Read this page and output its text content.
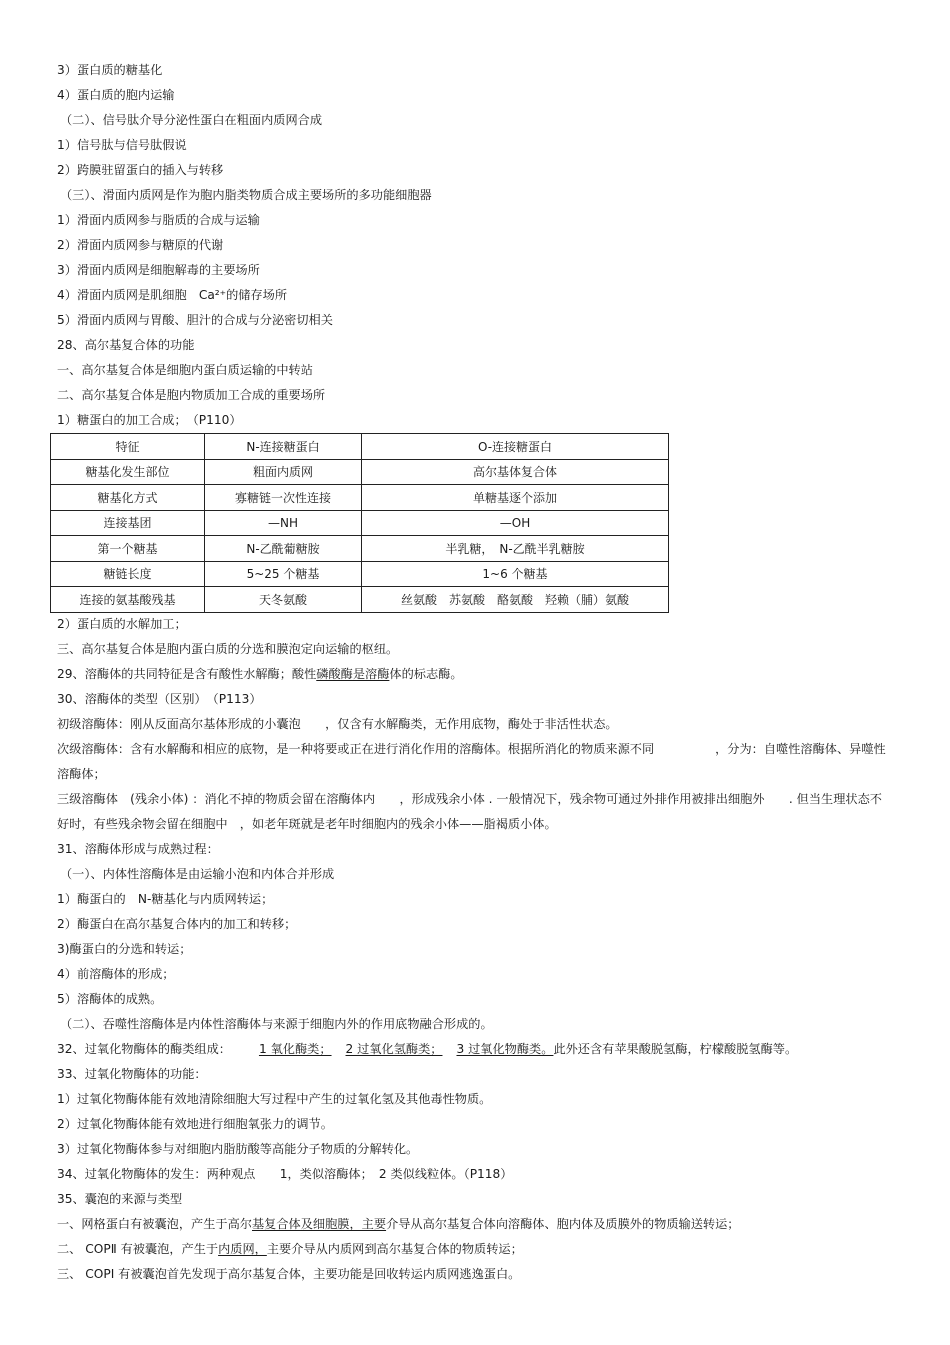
3）蛋白质的糖基化
4）蛋白质的胞内运输
（二）、信号肽介导分泌性蛋白在粗面内质网合成
1）信号肽与信号肽假说
2）跨膜驻留蛋白的插入与转移
（三）、滑面内质网是作为胞内脂类物质合成主要场所的多功能细胞器
1）滑面内质网参与脂质的合成与运输
2）滑面内质网参与糖原的代谢
3）滑面内质网是细胞解毒的主要场所
4）滑面内质网是肌细胞　Ca²⁺的储存场所
5）滑面内质网与胃酸、胆汁的合成与分泌密切相关
28、高尔基复合体的功能
一、高尔基复合体是细胞内蛋白质运输的中转站
二、高尔基复合体是胞内物质加工合成的重要场所
1）糖蛋白的加工合成；　（P110）
特征	N-连接糖蛋白	O-连接糖蛋白
糖基化发生部位	粗面内质网	高尔基体复合体
糖基化方式	寡糖链一次性连接	单糖基逐个添加
连接基团	—NH	—OH
第一个糖基	N-乙酰葡糖胺	半乳糖，　N-乙酰半乳糖胺
糖链长度	5~25 个糖基	1~6 个糖基
连接的氨基酸残基	天冬氨酸	丝氨酸　苏氨酸　酪氨酸　羟赖（脯）氨酸
2）蛋白质的水解加工；
三、高尔基复合体是胞内蛋白质的分选和膜泡定向运输的枢纽。
29、溶酶体的共同特征是含有酸性水解酶；酸性磷酸酶是溶酶体的标志酶。
30、溶酶体的类型（区别）　（P113）
初级溶酶体：刚从反面高尔基体形成的小囊泡　　，仅含有水解酶类，无作用底物，酶处于非活性状态。
次级溶酶体：含有水解酶和相应的底物，是一种将要或正在进行消化作用的溶酶体。根据所消化的物质来源不同　　　　　，分为：自噬性溶酶体、异噬性溶酶体；
三级溶酶体　(残余小体) ：消化不掉的物质会留在溶酶体内　　，形成残余小体 . 一般情况下，残余物可通过外排作用被排出细胞外　　. 但当生理状态不好时，有些残余物会留在细胞中　，如老年斑就是老年时细胞内的残余小体——脂褐质小体。
31、溶酶体形成与成熟过程：
（一）、内体性溶酶体是由运输小泡和内体合并形成
1）酶蛋白的　N-糖基化与内质网转运；
2）酶蛋白在高尔基复合体内的加工和转移；
3)酶蛋白的分选和转运；
4）前溶酶体的形成；
5）溶酶体的成熟。
（二）、吞噬性溶酶体是内体性溶酶体与来源于细胞内外的作用底物融合形成的。
32、过氧化物酶体的酶类组成： 1 氧化酶类； 2 过氧化氢酶类； 3 过氧化物酶类。此外还含有苹果酸脱氢酶，柠檬酸脱氢酶等。
33、过氧化物酶体的功能：
1）过氧化物酶体能有效地清除细胞大写过程中产生的过氧化氢及其他毒性物质。
2）过氧化物酶体能有效地进行细胞氧张力的调节。
3）过氧化物酶体参与对细胞内脂肪酸等高能分子物质的分解转化。
34、过氧化物酶体的发生：两种观点　　1，类似溶酶体；　2 类似线粒体。（P118）
35、囊泡的来源与类型
一、网格蛋白有被囊泡，产生于高尔基复合体及细胞膜，主要介导从高尔基复合体向溶酶体、胞内体及质膜外的物质输送转运；
二、 COPⅡ 有被囊泡，产生于内质网，主要介导从内质网到高尔基复合体的物质转运；
三、 COPⅠ 有被囊泡首先发现于高尔基复合体，主要功能是回收转运内质网逃逸蛋白。
